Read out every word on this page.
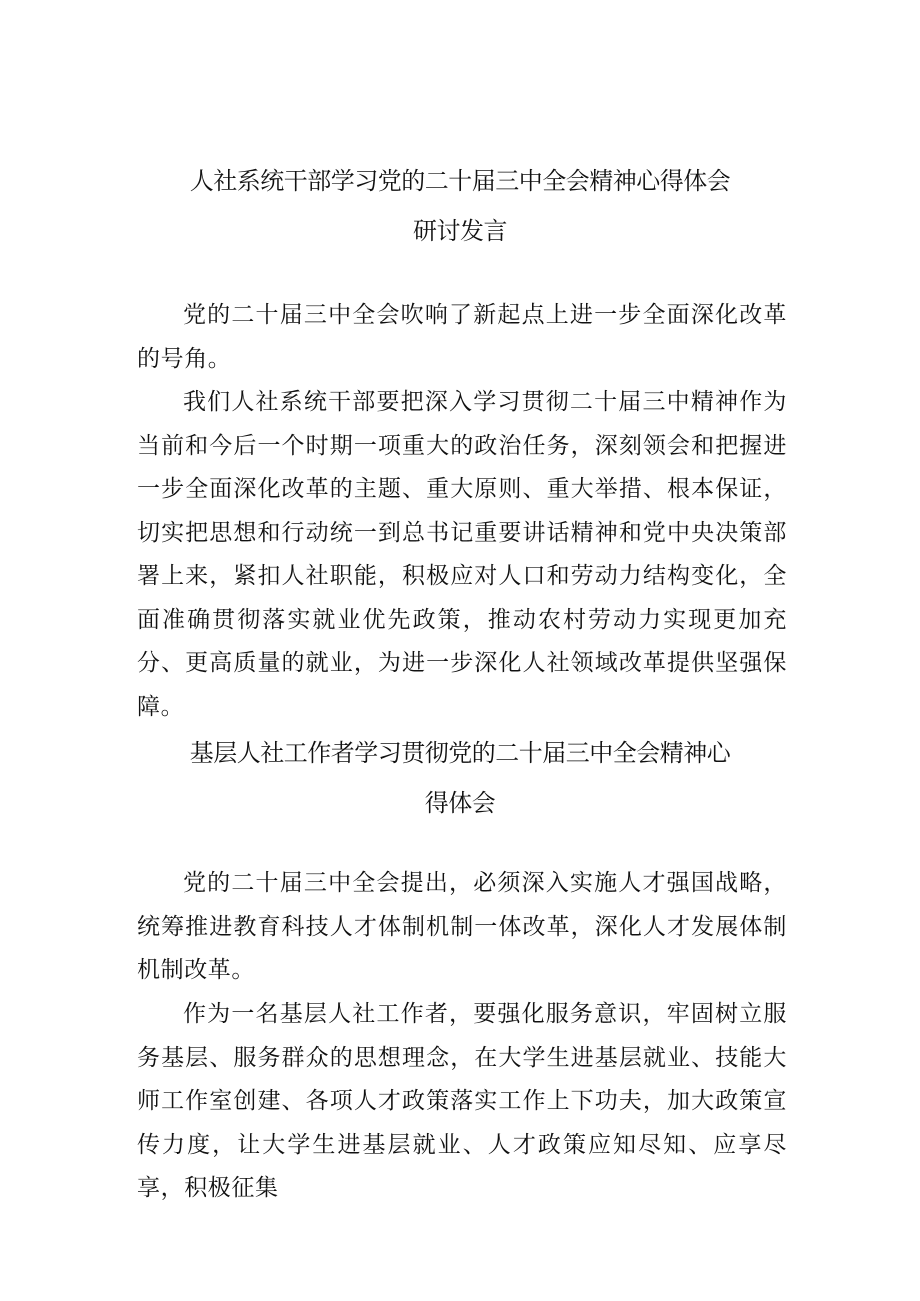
人社系统干部学习党的二十届三中全会精神心得体会
研讨发言

党的二十届三中全会吹响了新起点上进一步全面深化改革的号角。

我们人社系统干部要把深入学习贯彻二十届三中精神作为当前和今后一个时期一项重大的政治任务，深刻领会和把握进一步全面深化改革的主题、重大原则、重大举措、根本保证，切实把思想和行动统一到总书记重要讲话精神和党中央决策部署上来，紧扣人社职能，积极应对人口和劳动力结构变化，全面准确贯彻落实就业优先政策，推动农村劳动力实现更加充分、更高质量的就业，为进一步深化人社领域改革提供坚强保障。

基层人社工作者学习贯彻党的二十届三中全会精神心
得体会

党的二十届三中全会提出，必须深入实施人才强国战略，统筹推进教育科技人才体制机制一体改革，深化人才发展体制机制改革。

作为一名基层人社工作者，要强化服务意识，牢固树立服务基层、服务群众的思想理念，在大学生进基层就业、技能大师工作室创建、各项人才政策落实工作上下功夫，加大政策宣传力度，让大学生进基层就业、人才政策应知尽知、应享尽享，积极征集
